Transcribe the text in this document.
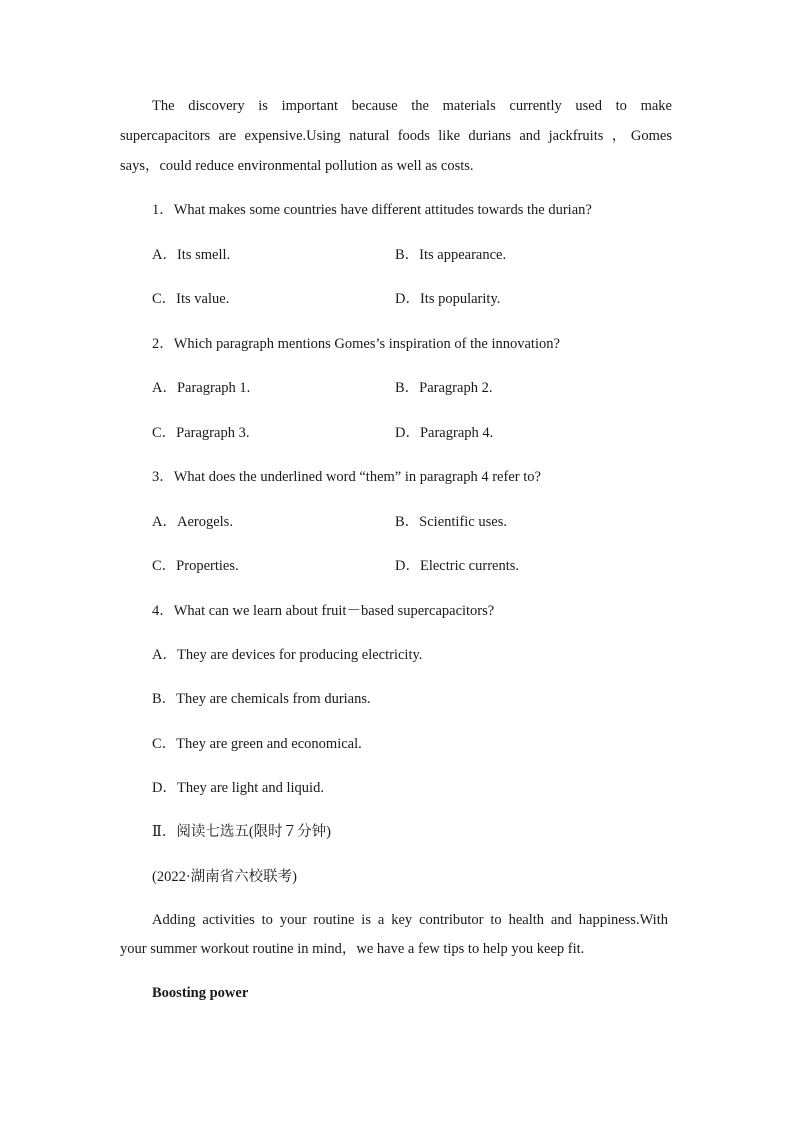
The discovery is important because the materials currently used to make
supercapacitors are expensive.Using natural foods like durians and jackfruits ，Gomes
says，could reduce environmental pollution as well as costs.
1．What makes some countries have different attitudes towards the durian?
A．Its smell.	B．Its appearance.
C．Its value.	D．Its popularity.
2．Which paragraph mentions Gomes’s inspiration of the innovation?
A．Paragraph 1.	B．Paragraph 2.
C．Paragraph 3.	D．Paragraph 4.
3．What does the underlined word “them” in paragraph 4 refer to?
A．Aerogels.	B．Scientific uses.
C．Properties.	D．Electric currents.
4．What can we learn about fruit－based supercapacitors?
A．They are devices for producing electricity.
B．They are chemicals from durians.
C．They are green and economical.
D．They are light and liquid.
Ⅱ．阅读七选五(限时７分钟)
(2022·湖南省六校联考)
Adding activities to your routine is a key contributor to health and happiness.With
your summer workout routine in mind，we have a few tips to help you keep fit.
Boosting power
